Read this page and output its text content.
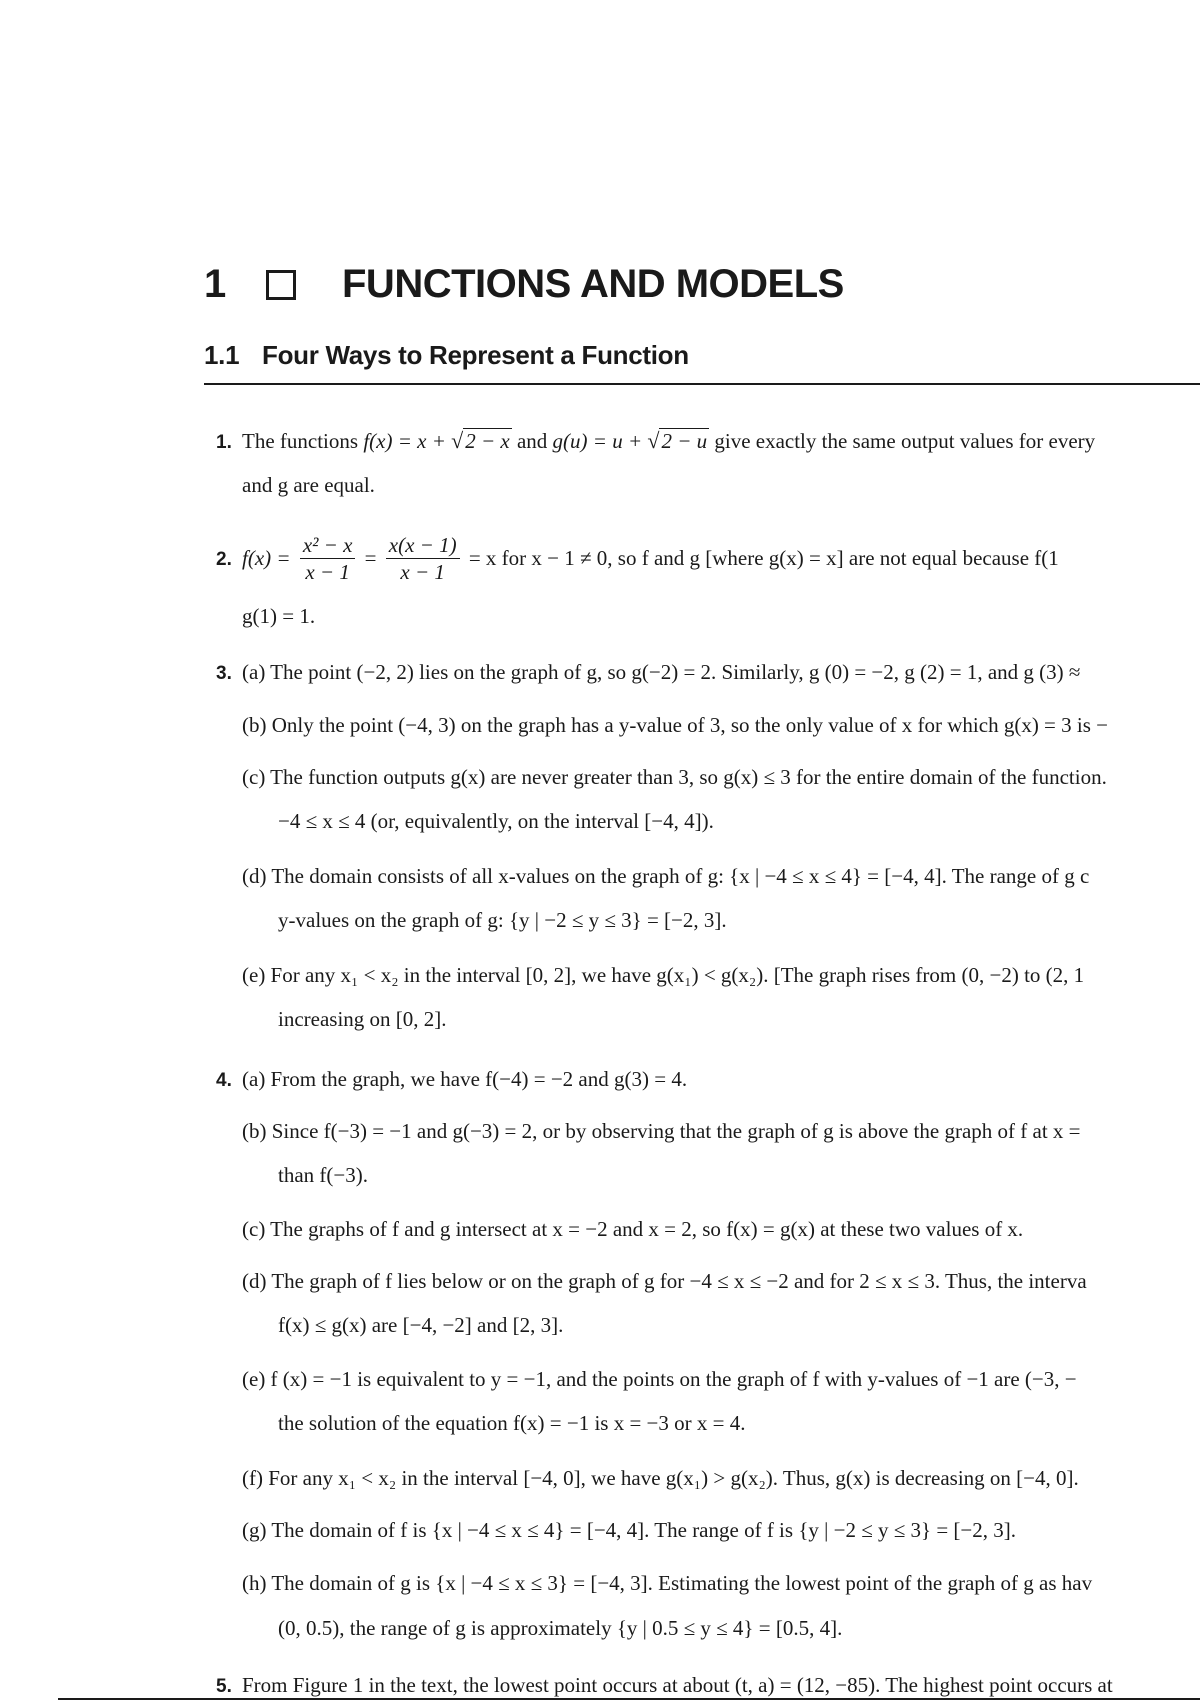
1	FUNCTIONS AND MODELS
1.1 Four Ways to Represent a Function
1. The functions f(x) = x + √2 − x and g(u) = u + √2 − u give exactly the same output values for every
and g are equal.
2. $f(x) = \frac{\text{x² − x}}{x - 1} = \frac{x(x - 1)}{x - 1} = x$ for x − 1 ≠ 0, so f and g [where g(x) = x] are not equal because f(1
g(1) = 1.
3. (a) The point (−2, 2) lies on the graph of g, so g(−2) = 2. Similarly, g (0) = −2, g (2) = 1, and g (3) ≈
(b) Only the point (−4, 3) on the graph has a y-value of 3, so the only value of x for which g(x) = 3 is −
(c) The function outputs g(x) are never greater than 3, so g(x) ≤ 3 for the entire domain of the function.
−4 ≤ x ≤ 4 (or, equivalently, on the interval [−4, 4]).
(d) The domain consists of all x-values on the graph of g: {x | −4 ≤ x ≤ 4} = [−4, 4]. The range of g c
y-values on the graph of g: {y | −2 ≤ y ≤ 3} = [−2, 3].
(e) For any x₁ < x₂ in the interval [0, 2], we have g(x₁) < g(x₂). [The graph rises from (0, −2) to (2, 1
increasing on [0, 2].
4. (a) From the graph, we have f(−4) = −2 and g(3) = 4.
(b) Since f(−3) = −1 and g(−3) = 2, or by observing that the graph of g is above the graph of f at x =
than f(−3).
(c) The graphs of f and g intersect at x = −2 and x = 2, so f(x) = g(x) at these two values of x.
(d) The graph of f lies below or on the graph of g for −4 ≤ x ≤ −2 and for 2 ≤ x ≤ 3. Thus, the interva
f(x) ≤ g(x) are [−4, −2] and [2, 3].
(e) f (x) = −1 is equivalent to y = −1, and the points on the graph of f with y-values of −1 are (−3, −
the solution of the equation f(x) = −1 is x = −3 or x = 4.
(f) For any x₁ < x₂ in the interval [−4, 0], we have g(x₁) > g(x₂). Thus, g(x) is decreasing on [−4, 0].
(g) The domain of f is {x | −4 ≤ x ≤ 4} = [−4, 4]. The range of f is {y | −2 ≤ y ≤ 3} = [−2, 3].
(h) The domain of g is {x | −4 ≤ x ≤ 3} = [−4, 3]. Estimating the lowest point of the graph of g as hav
(0, 0.5), the range of g is approximately {y | 0.5 ≤ y ≤ 4} = [0.5, 4].
5. From Figure 1 in the text, the lowest point occurs at about (t, a) = (12, −85). The highest point occurs at
